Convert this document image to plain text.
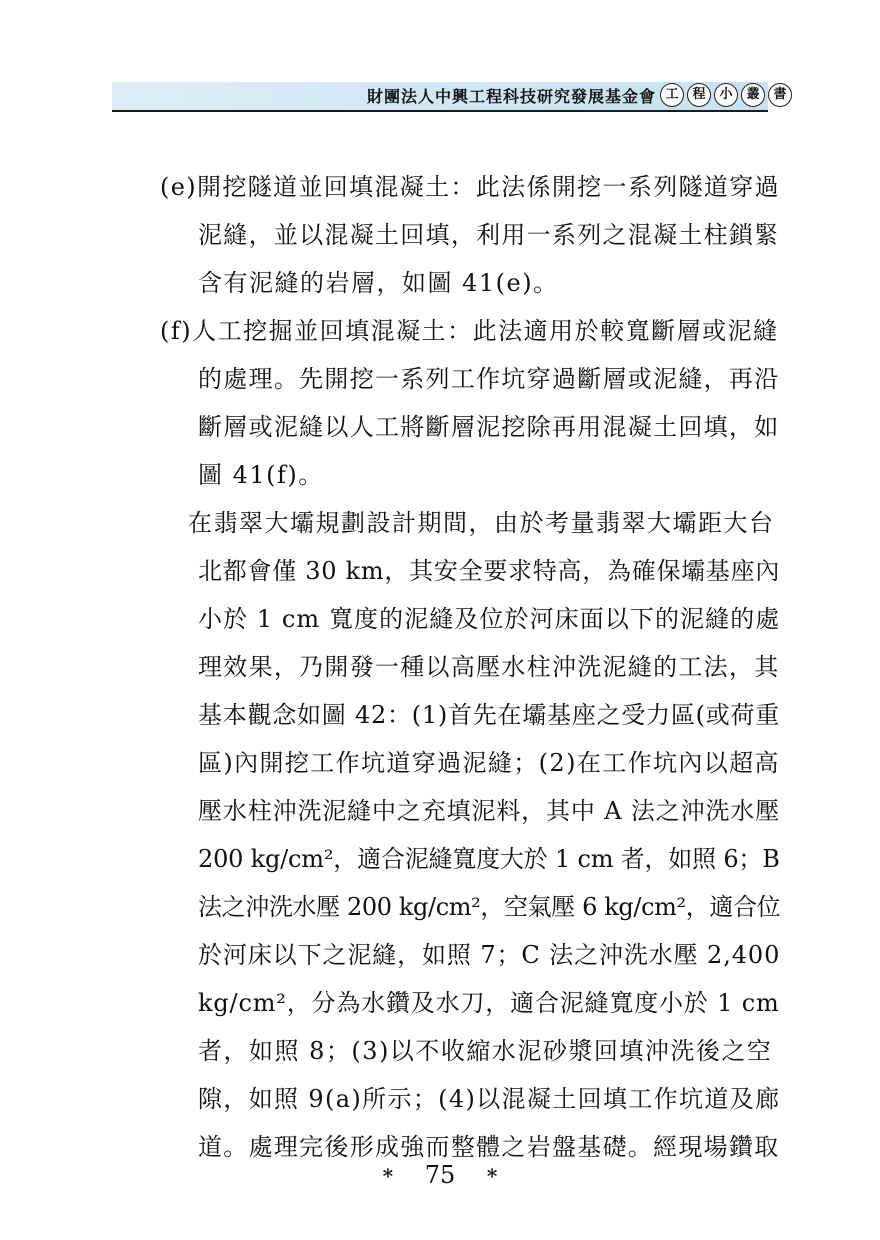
財團法人中興工程科技研究發展基金會 工	程	小	叢	書
(e)開挖隧道並回填混凝土：此法係開挖一系列隧道穿過
泥縫，並以混凝土回填，利用一系列之混凝土柱鎖緊
含有泥縫的岩層，如圖 41(e)。
(f)人工挖掘並回填混凝土：此法適用於較寬斷層或泥縫
的處理。先開挖一系列工作坑穿過斷層或泥縫，再沿
斷層或泥縫以人工將斷層泥挖除再用混凝土回填，如
圖 41(f)。
在翡翠大壩規劃設計期間，由於考量翡翠大壩距大台
北都會僅 30 km，其安全要求特高，為確保壩基座內
小於 1 cm 寬度的泥縫及位於河床面以下的泥縫的處
理效果，乃開發一種以高壓水柱沖洗泥縫的工法，其
基本觀念如圖 42：(1)首先在壩基座之受力區(或荷重
區)內開挖工作坑道穿過泥縫；(2)在工作坑內以超高
壓水柱沖洗泥縫中之充填泥料，其中 A 法之沖洗水壓
200 kg/cm²，適合泥縫寬度大於 1 cm 者，如照 6；B
法之沖洗水壓 200 kg/cm²，空氣壓 6 kg/cm²，適合位
於河床以下之泥縫，如照 7；C 法之沖洗水壓 2,400
kg/cm²，分為水鑽及水刀，適合泥縫寬度小於 1 cm
者，如照 8；(3)以不收縮水泥砂漿回填沖洗後之空
隙，如照 9(a)所示；(4)以混凝土回填工作坑道及廊
道。處理完後形成強而整體之岩盤基礎。經現場鑽取
* 75 *
